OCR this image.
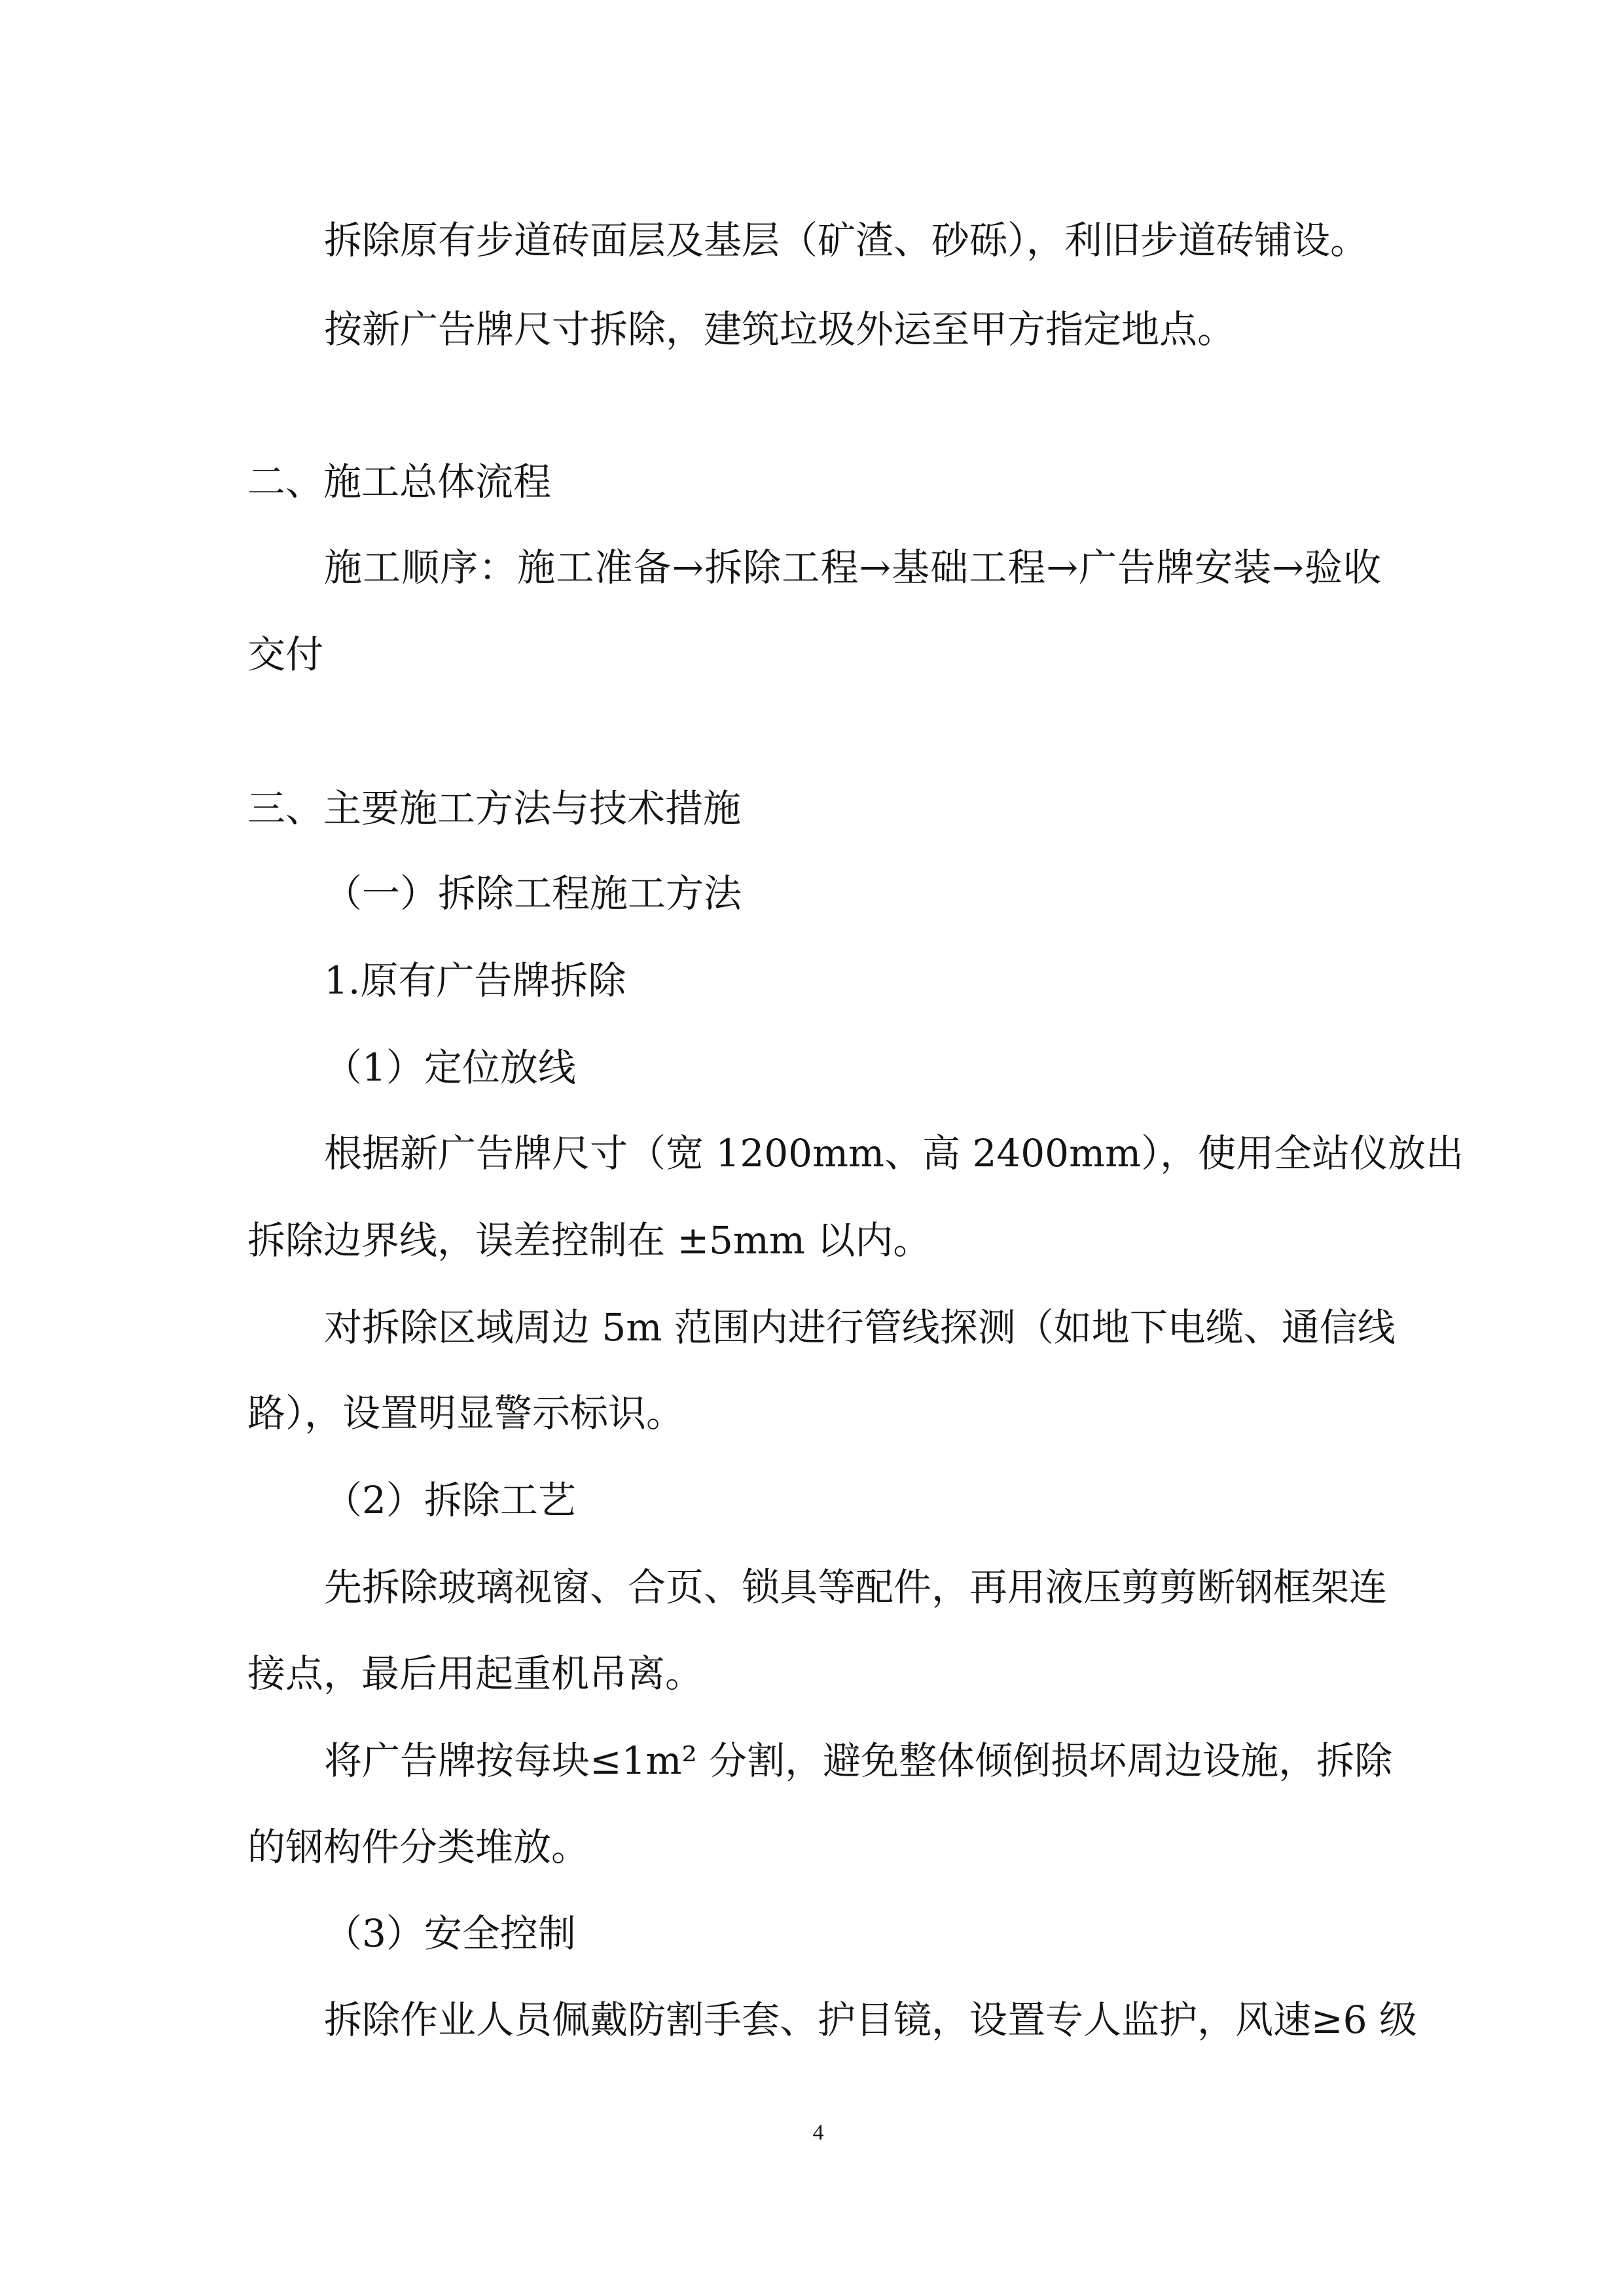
拆除原有步道砖面层及基层（矿渣、砂砾），利旧步道砖铺设。
按新广告牌尺寸拆除，建筑垃圾外运至甲方指定地点。
二、施工总体流程
施工顺序：施工准备→拆除工程→基础工程→广告牌安装→验收
交付
三、主要施工方法与技术措施
（一）拆除工程施工方法
1.原有广告牌拆除
（1）定位放线
根据新广告牌尺寸（宽 1200mm、高 2400mm），使用全站仪放出
拆除边界线，误差控制在 ±5mm 以内。
对拆除区域周边 5m 范围内进行管线探测（如地下电缆、通信线
路），设置明显警示标识。
（2）拆除工艺
先拆除玻璃视窗、合页、锁具等配件，再用液压剪剪断钢框架连
接点，最后用起重机吊离。
将广告牌按每块≤1m² 分割，避免整体倾倒损坏周边设施，拆除
的钢构件分类堆放。
（3）安全控制
拆除作业人员佩戴防割手套、护目镜，设置专人监护，风速≥6 级
4
